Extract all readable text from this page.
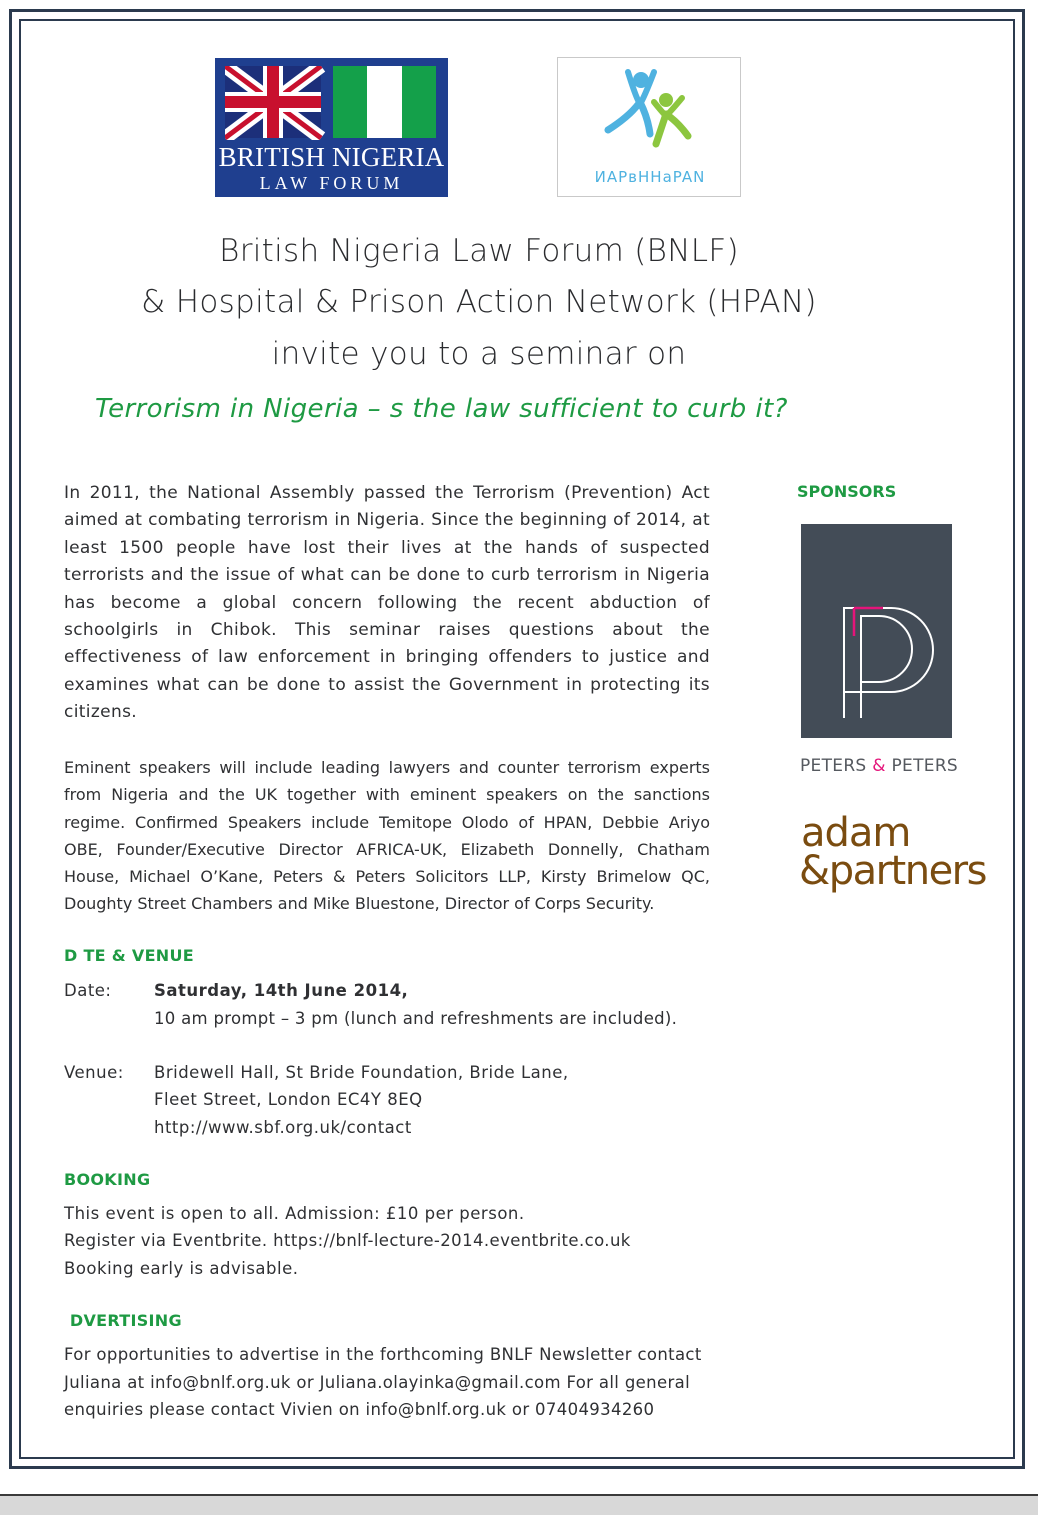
BRITISH NIGERIA
LAW FORUM	ИAPвHHaPAN
British Nigeria Law Forum (BNLF)
& Hospital & Prison Action Network (HPAN)
invite you to a seminar on
Terrorism in Nigeria – s the law sufficient to curb it?
In 2011, the National Assembly passed the Terrorism (Prevention) Act aimed at combating terrorism in Nigeria. Since the beginning of 2014, at least 1500 people have lost their lives at the hands of suspected terrorists and the issue of what can be done to curb terrorism in Nigeria has become a global concern following the recent abduction of schoolgirls in Chibok. This seminar raises questions about the effectiveness of law enforcement in bringing offenders to justice and examines what can be done to assist the Government in protecting its citizens.
Eminent speakers will include leading lawyers and counter terrorism experts from Nigeria and the UK together with eminent speakers on the sanctions regime. Confirmed Speakers include Temitope Olodo of HPAN, Debbie Ariyo OBE, Founder/Executive Director AFRICA-UK, Elizabeth Donnelly, Chatham House, Michael O’Kane, Peters & Peters Solicitors LLP, Kirsty Brimelow QC, Doughty Street Chambers and Mike Bluestone, Director of Corps Security.
D TE & VENUE
Date:	Saturday, 14th June 2014,
10 am prompt – 3 pm (lunch and refreshments are included).
Venue: Bridewell Hall, St Bride Foundation, Bride Lane,
Fleet Street, London EC4Y 8EQ
http://www.sbf.org.uk/contact
BOOKING
This event is open to all. Admission: £10 per person.
Register via Eventbrite. https://bnlf-lecture-2014.eventbrite.co.uk
Booking early is advisable.
DVERTISING
For opportunities to advertise in the forthcoming BNLF Newsletter contact
Juliana at info@bnlf.org.uk or Juliana.olayinka@gmail.com For all general
enquiries please contact Vivien on info@bnlf.org.uk or 07404934260
SPONSORS
PETERS & PETERS
adam
&partners
